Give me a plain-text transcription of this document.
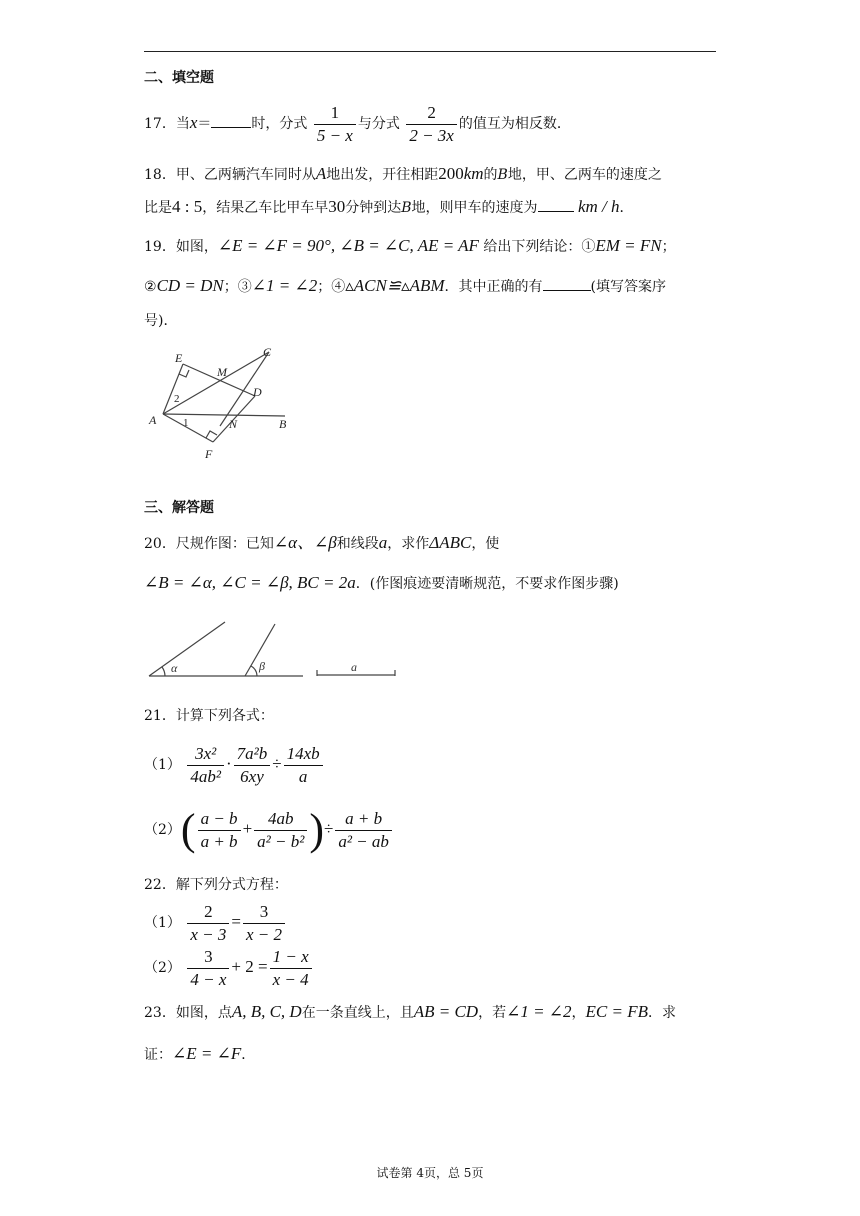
二、填空题
17．当x＝	时，分式 $\frac{1}{5 - x}$ 与分式 $\frac{2}{2 - 3x}$ 的值互为相反数．
18．甲、乙两辆汽车同时从A地出发，开往相距200km的B地，甲、乙两车的速度之
比是4 : 5，结果乙车比甲车早30分钟到达B地，则甲车的速度为 km / h．
19．如图，∠E = ∠F = 90°, ∠B = ∠C, AE = AF 给出下列结论：①EM = FN；
②CD = DN；③∠1 = ∠2；④▵ACN≌▵ABM．其中正确的有	(填写答案序
号)．
E
M
C
D
A	N	B
F
2
1
三、解答题
20．尺规作图：已知∠α、∠β和线段a，求作ΔABC，使
∠B = ∠α, ∠C = ∠β, BC = 2a．(作图痕迹要清晰规范，不要求作图步骤)
α	β	a
21．计算下列各式：
$(1) \frac{\text{3x²}}{\text{4ab²}} \cdot \frac{\text{7a²b}}{6xy} \div \frac{14xb}{a}$
$(2)( \frac{a - b}{a + b} + \frac{4ab}{\text{a² − b²}}$ )÷ $\frac{a + b}{\text{a² − ab}}$
22．解下列分式方程：
$(1) \frac{2}{x - 3} = \frac{3}{x - 2}$
$(2) \frac{3}{4 - x} + 2 = \frac{1 - x}{x - 4}$
23．如图，点A, B, C, D在一条直线上，且AB = CD，若∠1 = ∠2，EC = FB．求
证：∠E = ∠F．
试卷第 4页，总 5页
